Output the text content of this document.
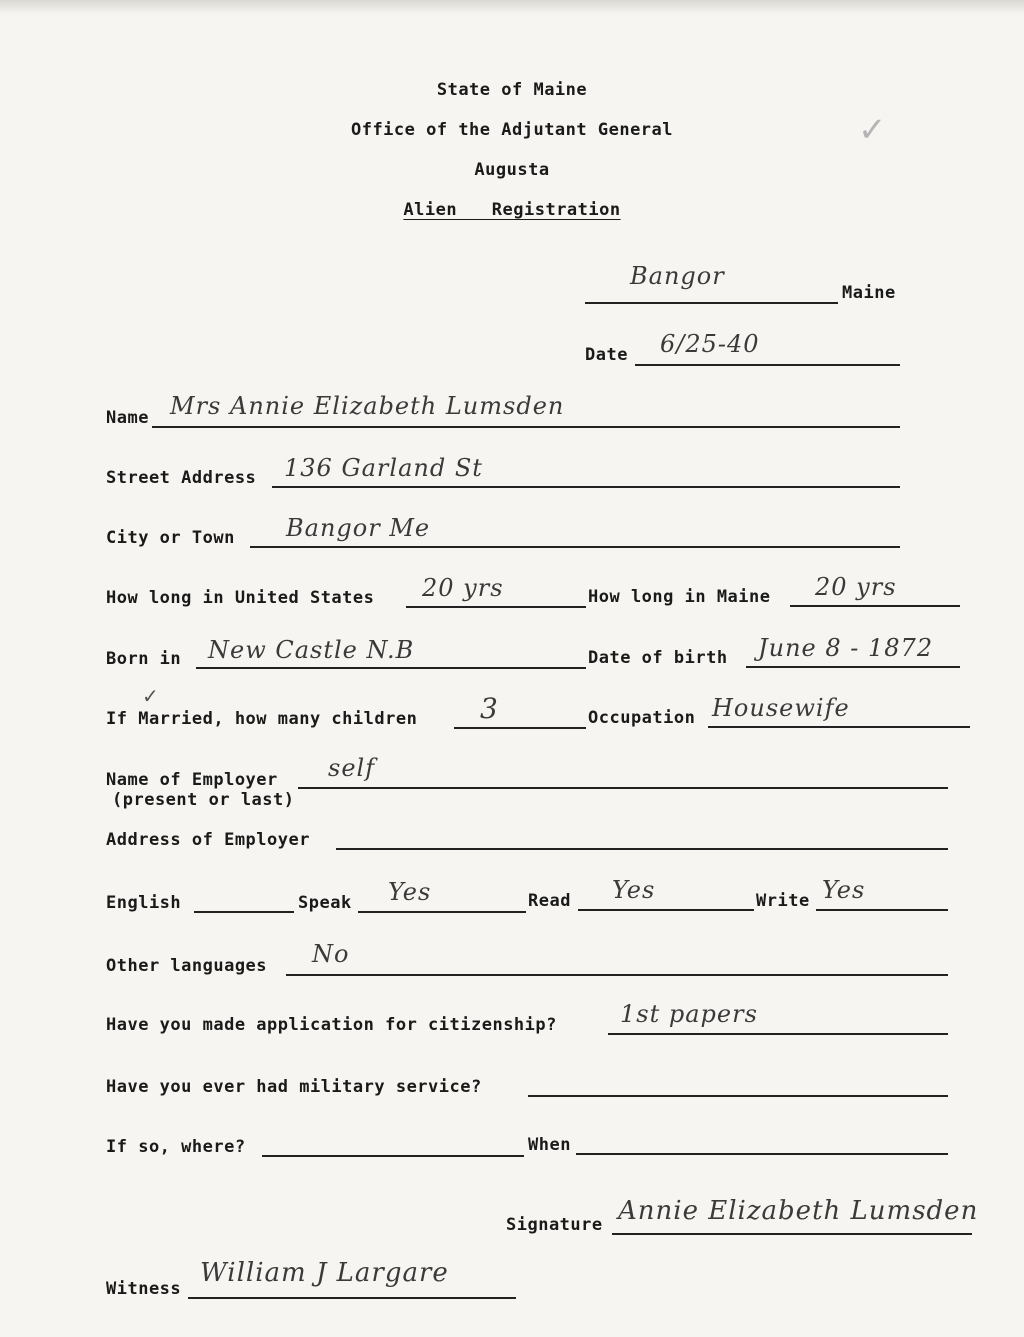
State of Maine
Office of the Adjutant General
Augusta
Alien Registration
✓
Bangor
Maine
Date 6/25-40
Name Mrs Annie Elizabeth Lumsden
Street Address 136 Garland St
City or Town Bangor Me
How long in United States 20 yrs	How long in Maine 20 yrs
Born in New Castle N.B	Date of birth June 8 - 1872
✓
If Married, how many children 3	Occupation Housewife
Name of Employer
(present or last)
self
Address of Employer
English	Speak Yes	Read Yes	Write Yes
Other languages No
Have you made application for citizenship?	1st papers
Have you ever had military service?
If so, where?	When
Signature Annie Elizabeth Lumsden
Witness
William J Largare
